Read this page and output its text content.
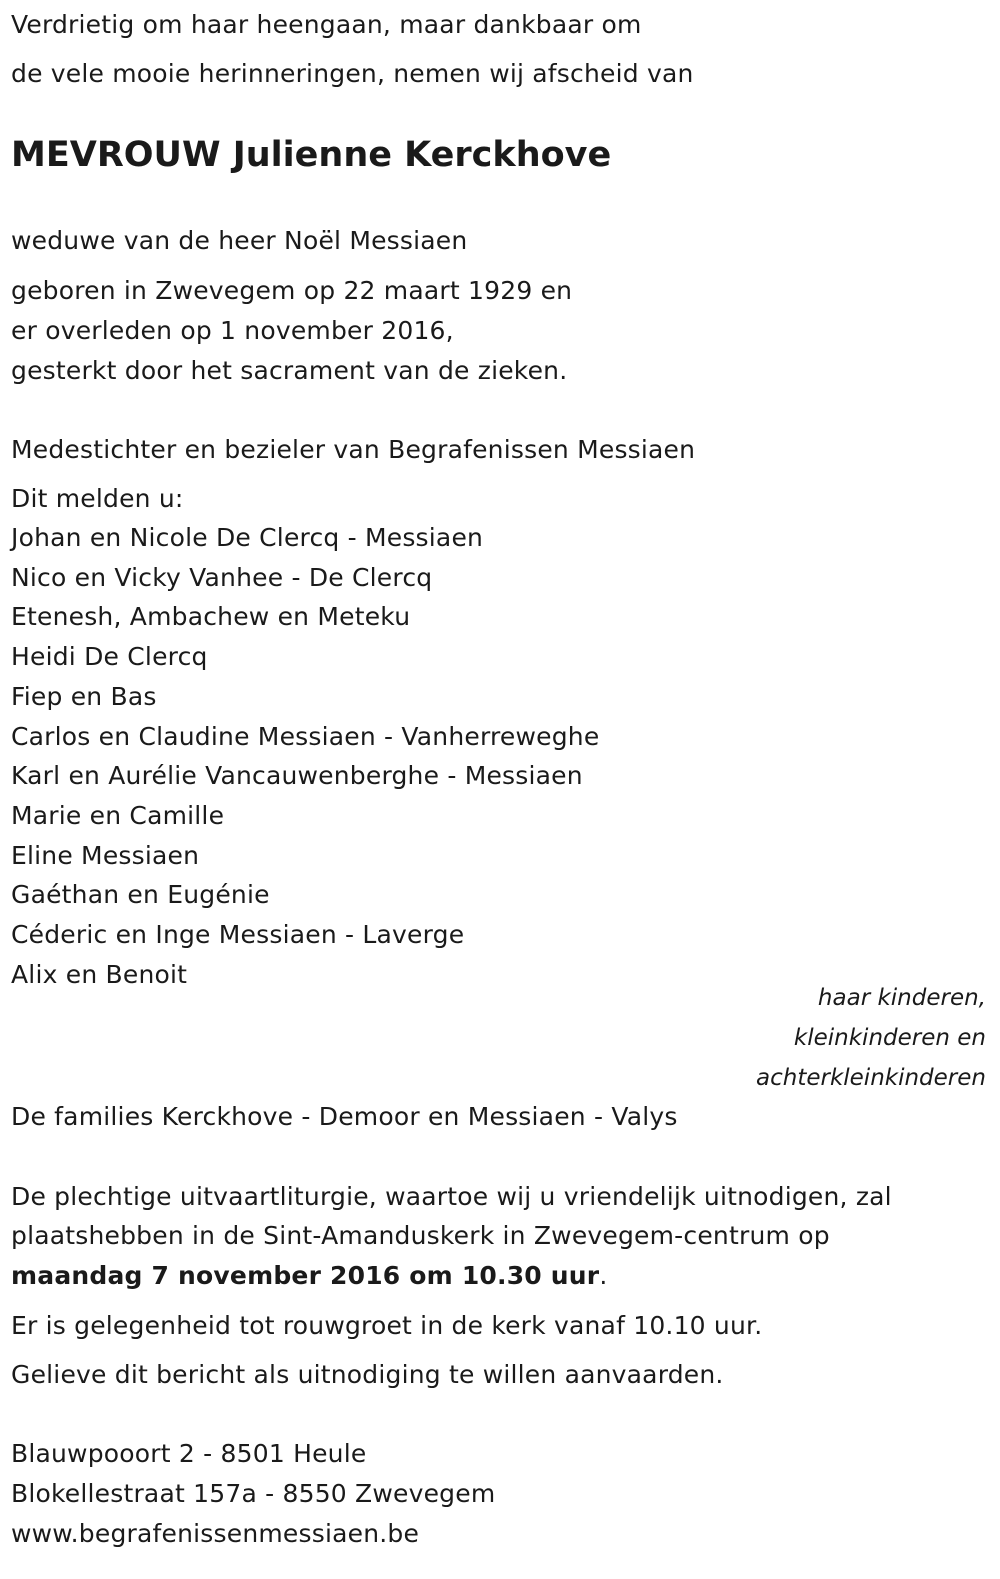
Verdrietig om haar heengaan, maar dankbaar om
de vele mooie herinneringen, nemen wij afscheid van
MEVROUW Julienne Kerckhove
weduwe van de heer Noël Messiaen
geboren in Zwevegem op 22 maart 1929 en
er overleden op 1 november 2016,
gesterkt door het sacrament van de zieken.
Medestichter en bezieler van Begrafenissen Messiaen
Dit melden u:
Johan en Nicole De Clercq - Messiaen
Nico en Vicky Vanhee - De Clercq
Etenesh, Ambachew en Meteku
Heidi De Clercq
Fiep en Bas
Carlos en Claudine Messiaen - Vanherreweghe
Karl en Aurélie Vancauwenberghe - Messiaen
Marie en Camille
Eline Messiaen
Gaéthan en Eugénie
Céderic en Inge Messiaen - Laverge
Alix en Benoit
haar kinderen,
kleinkinderen en
achterkleinkinderen
De families Kerckhove - Demoor en Messiaen - Valys
De plechtige uitvaartliturgie, waartoe wij u vriendelijk uitnodigen, zal
plaatshebben in de Sint-Amanduskerk in Zwevegem-centrum op
maandag 7 november 2016 om 10.30 uur.
Er is gelegenheid tot rouwgroet in de kerk vanaf 10.10 uur.
Gelieve dit bericht als uitnodiging te willen aanvaarden.
Blauwpooort 2 - 8501 Heule
Blokellestraat 157a - 8550 Zwevegem
www.begrafenissenmessiaen.be
